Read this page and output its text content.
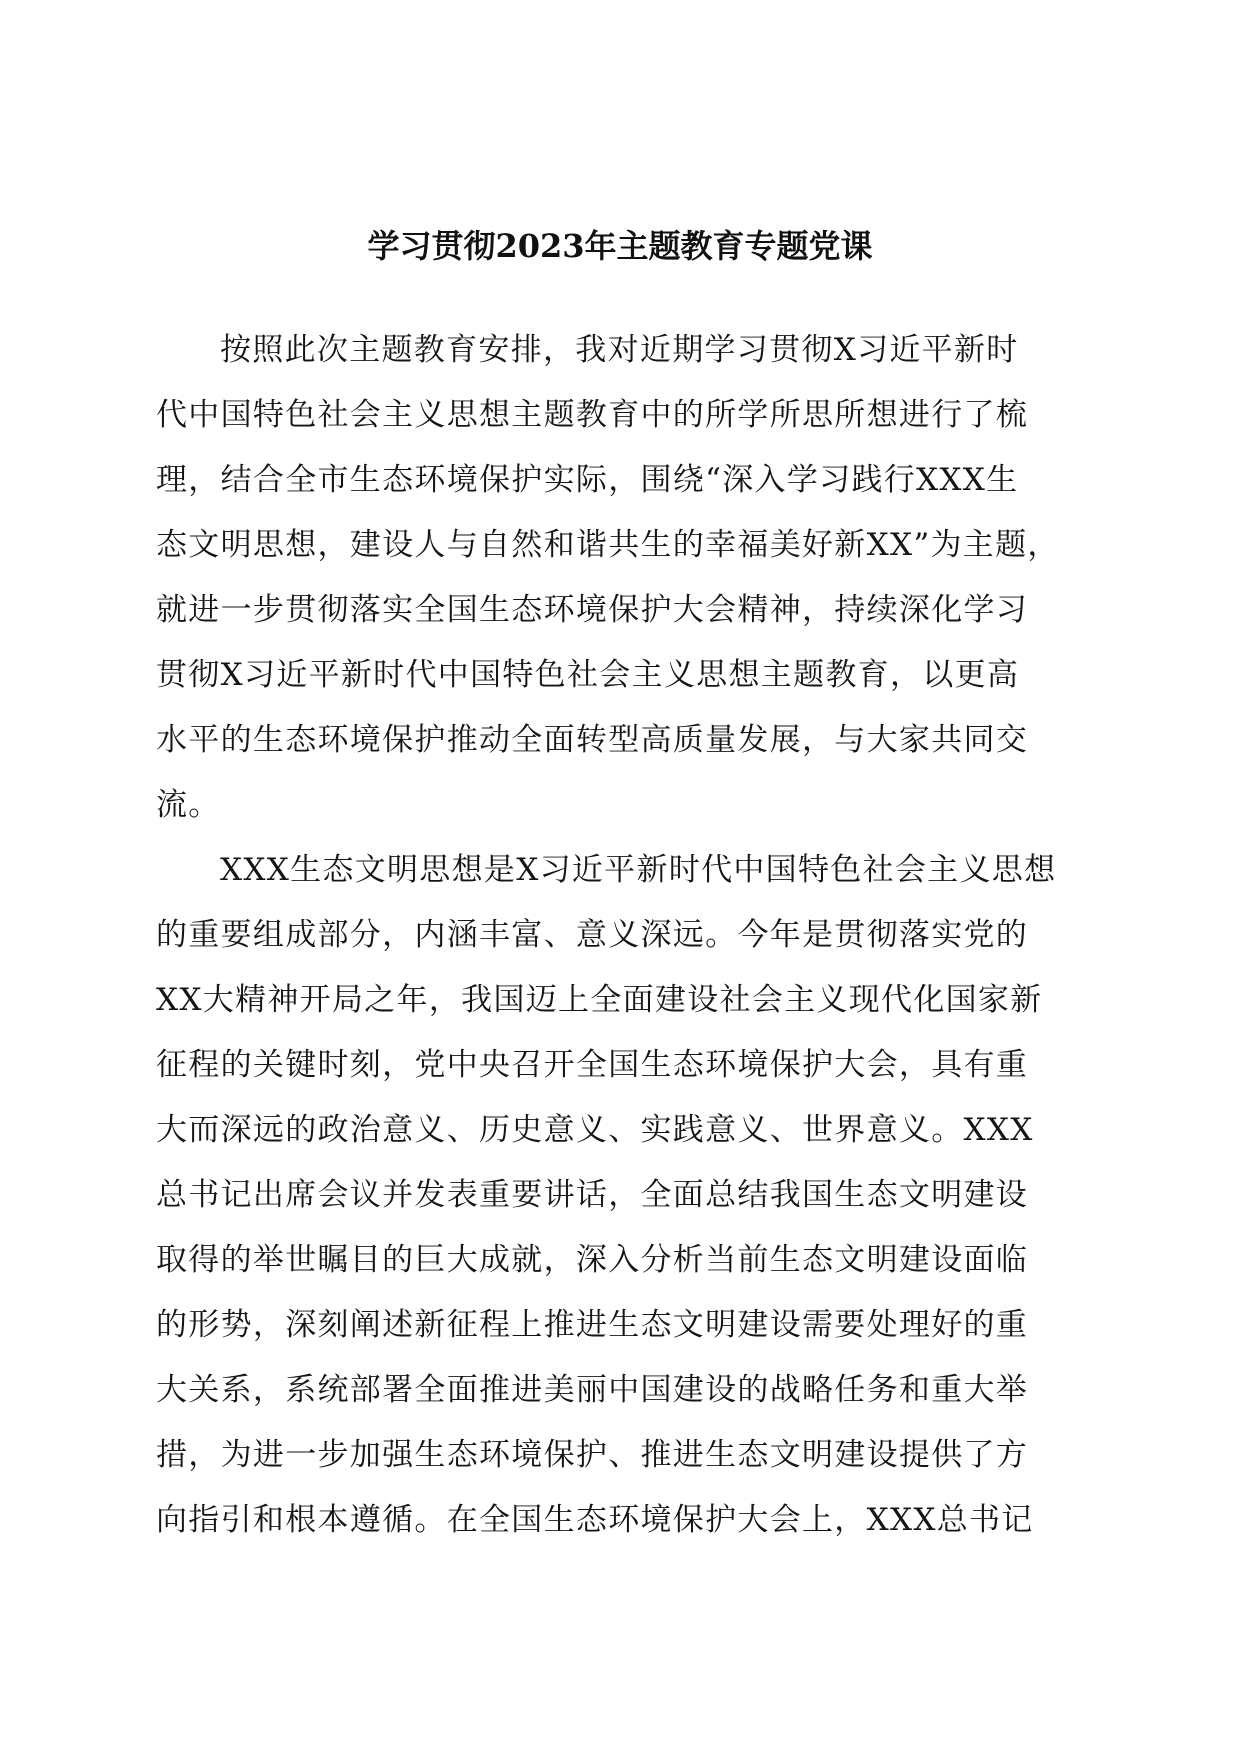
学习贯彻2023年主题教育专题党课

按照此次主题教育安排，我对近期学习贯彻X习近平新时
代中国特色社会主义思想主题教育中的所学所思所想进行了梳
理，结合全市生态环境保护实际，围绕“深入学习践行XXX生
态文明思想，建设人与自然和谐共生的幸福美好新XX”为主题，
就进一步贯彻落实全国生态环境保护大会精神，持续深化学习
贯彻X习近平新时代中国特色社会主义思想主题教育，以更高
水平的生态环境保护推动全面转型高质量发展，与大家共同交
流。

XXX生态文明思想是X习近平新时代中国特色社会主义思想
的重要组成部分，内涵丰富、意义深远。今年是贯彻落实党的
XX大精神开局之年，我国迈上全面建设社会主义现代化国家新
征程的关键时刻，党中央召开全国生态环境保护大会，具有重
大而深远的政治意义、历史意义、实践意义、世界意义。XXX
总书记出席会议并发表重要讲话，全面总结我国生态文明建设
取得的举世瞩目的巨大成就，深入分析当前生态文明建设面临
的形势，深刻阐述新征程上推进生态文明建设需要处理好的重
大关系，系统部署全面推进美丽中国建设的战略任务和重大举
措，为进一步加强生态环境保护、推进生态文明建设提供了方
向指引和根本遵循。在全国生态环境保护大会上，XXX总书记
